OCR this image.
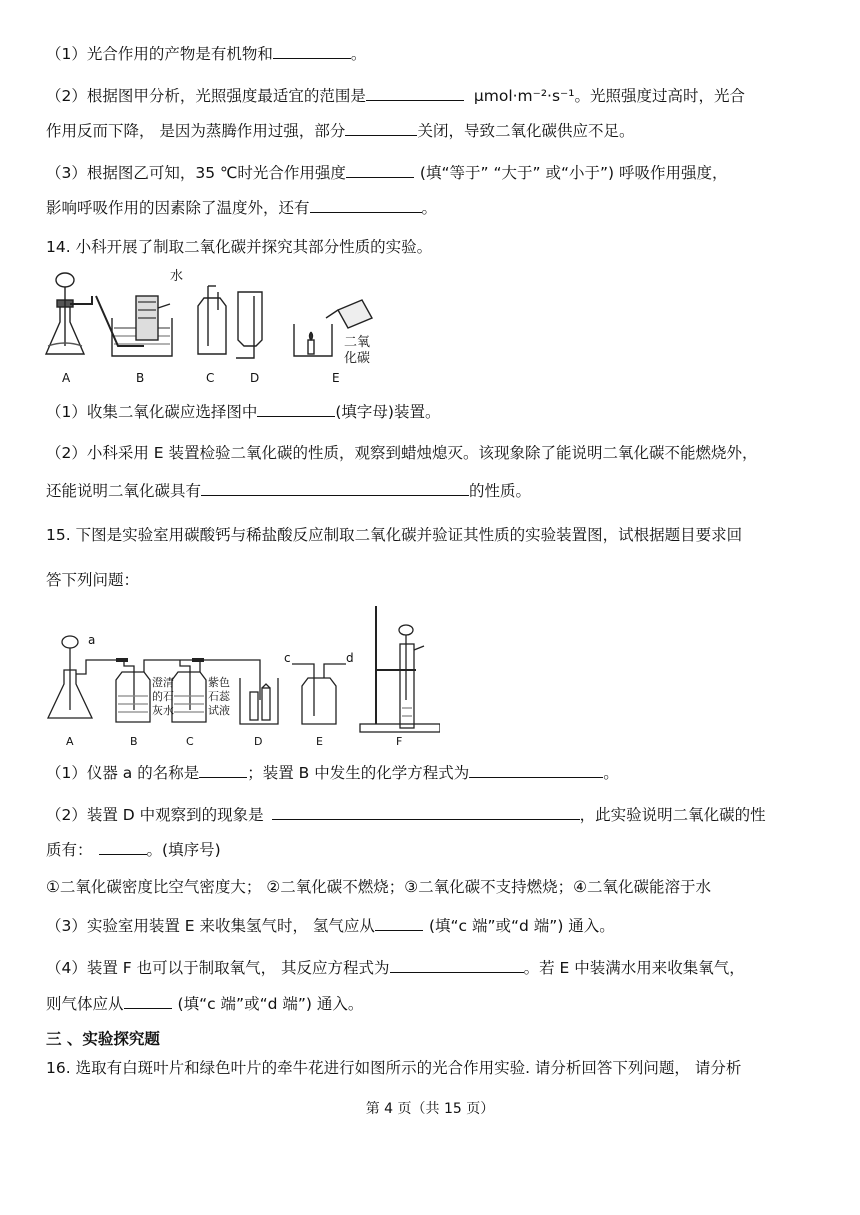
（1）光合作用的产物是有机物和	。
（2）根据图甲分析，光照强度最适宜的范围是	μmol·m⁻²·s⁻¹。光照强度过高时，光合
作用反而下降， 是因为蒸腾作用过强，部分	关闭，导致二氧化碳供应不足。
（3）根据图乙可知，35 ℃时光合作用强度	(填“等于” “大于” 或“小于”) 呼吸作用强度，
影响呼吸作用的因素除了温度外，还有	。
14. 小科开展了制取二氧化碳并探究其部分性质的实验。
水
二氧
化碳
A	B	C	D	E
（1）收集二氧化碳应选择图中	(填字母)装置。
（2）小科采用 E 装置检验二氧化碳的性质，观察到蜡烛熄灭。该现象除了能说明二氧化碳不能燃烧外，
还能说明二氧化碳具有	的性质。
15. 下图是实验室用碳酸钙与稀盐酸反应制取二氧化碳并验证其性质的实验装置图，试根据题目要求回
答下列问题：
a
c	d
澄清
的石
灰水
紫色
石蕊
试液
A	B	C	D	E	F
（1）仪器 a 的名称是	；装置 B 中发生的化学方程式为	。
（2）装置 D 中观察到的现象是	，此实验说明二氧化碳的性
质有：	。(填序号)
①二氧化碳密度比空气密度大； ②二氧化碳不燃烧；③二氧化碳不支持燃烧；④二氧化碳能溶于水
（3）实验室用装置 E 来收集氢气时， 氢气应从	(填“c 端”或“d 端”) 通入。
（4）装置 F 也可以于制取氧气， 其反应方程式为	。若 E 中装满水用来收集氧气，
则气体应从	(填“c 端”或“d 端”) 通入。
三 、实验探究题
16. 选取有白斑叶片和绿色叶片的牵牛花进行如图所示的光合作用实验. 请分析回答下列问题， 请分析
第 4 页（共 15 页）
